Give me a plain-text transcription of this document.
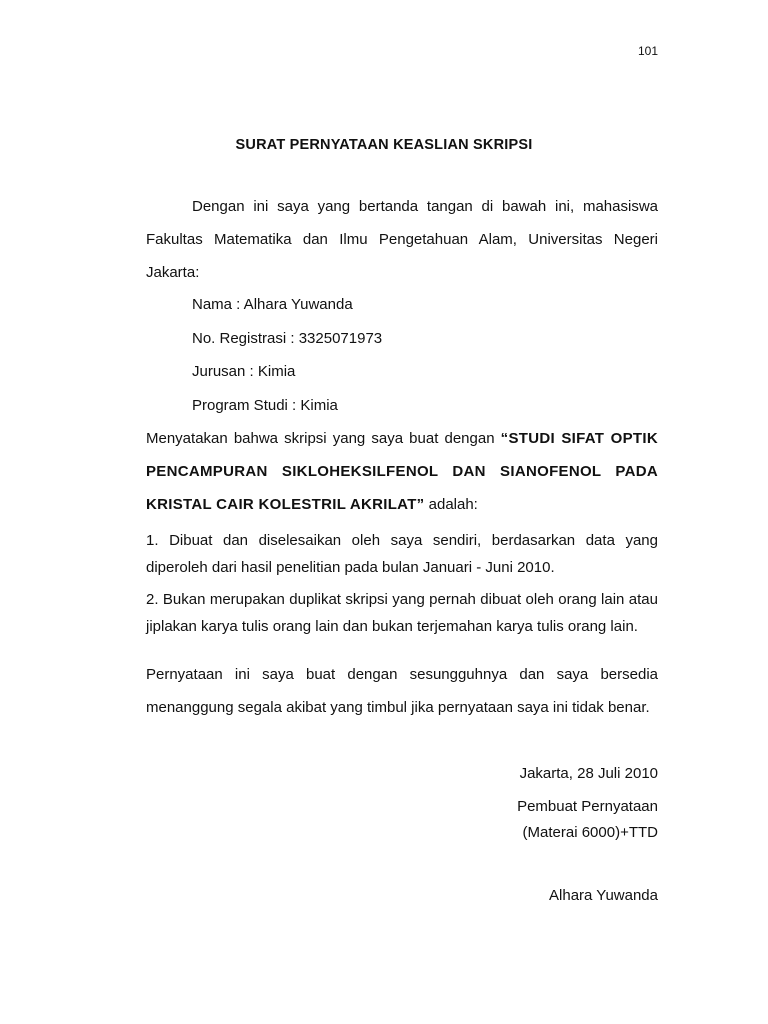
101
SURAT PERNYATAAN KEASLIAN SKRIPSI
Dengan ini saya yang bertanda tangan di bawah ini, mahasiswa Fakultas Matematika dan Ilmu Pengetahuan Alam, Universitas Negeri Jakarta:
Nama : Alhara Yuwanda
No. Registrasi : 3325071973
Jurusan : Kimia
Program Studi : Kimia
Menyatakan bahwa skripsi yang saya buat dengan “STUDI SIFAT OPTIK PENCAMPURAN SIKLOHEKSILFENOL DAN SIANOFENOL PADA KRISTAL CAIR KOLESTRIL AKRILAT” adalah:
1. Dibuat dan diselesaikan oleh saya sendiri, berdasarkan data yang diperoleh dari hasil penelitian pada bulan Januari - Juni 2010.
2. Bukan merupakan duplikat skripsi yang pernah dibuat oleh orang lain atau jiplakan karya tulis orang lain dan bukan terjemahan karya tulis orang lain.
Pernyataan ini saya buat dengan sesungguhnya dan saya bersedia menanggung segala akibat yang timbul jika pernyataan saya ini tidak benar.
Jakarta, 28 Juli 2010
Pembuat Pernyataan
(Materai 6000)+TTD
Alhara Yuwanda
